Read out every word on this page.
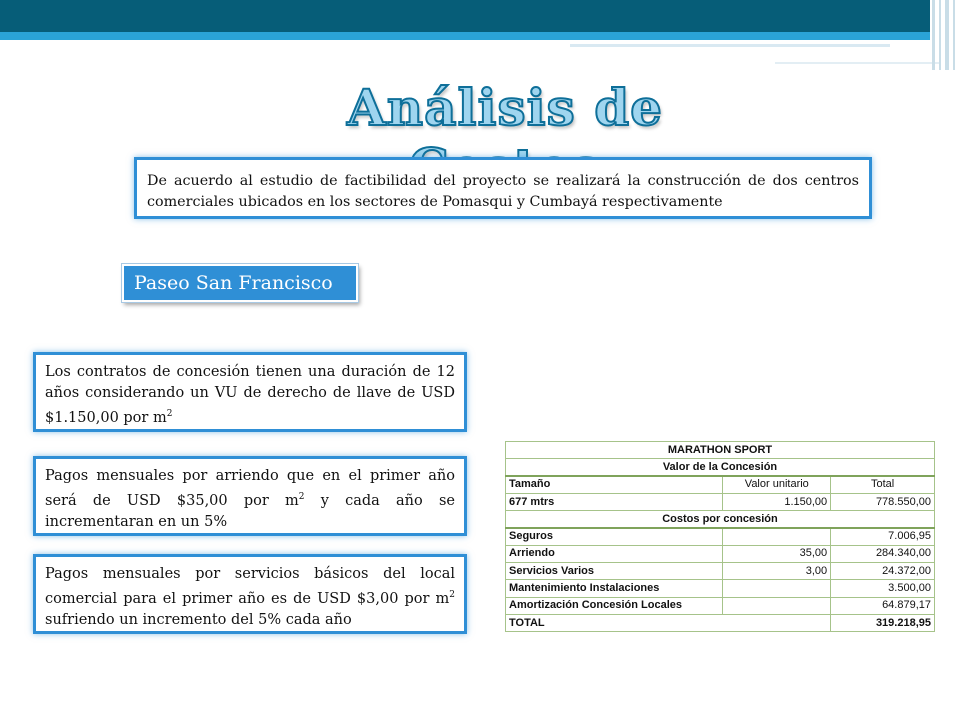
Análisis de
De acuerdo al estudio de factibilidad del proyecto se realizará la construcción de dos centros comerciales ubicados en los sectores de Pomasqui y Cumbayá respectivamente
Paseo San Francisco
Los contratos de concesión tienen una duración de 12 años considerando un VU de derecho de llave de USD $1.150,00 por $m^2$
Pagos mensuales por arriendo que en el primer año será de USD $35,00 por $m^2$ y cada año se incrementaran en un 5%
Pagos mensuales por servicios básicos del local comercial para el primer año es de USD $3,00 por $m^2$ sufriendo un incremento del 5% cada año
MARATHON SPORT		
Valor de la Concesión		
Tamaño	Valor unitario	Total
677 mtrs	1.150,00	778.550,00
Costos por concesión		
Seguros		7.006,95
Arriendo	35,00	284.340,00
Servicios Varios	3,00	24.372,00
Mantenimiento Instalaciones		3.500,00
Amortización Concesión Locales		64.879,17
TOTAL		319.218,95
